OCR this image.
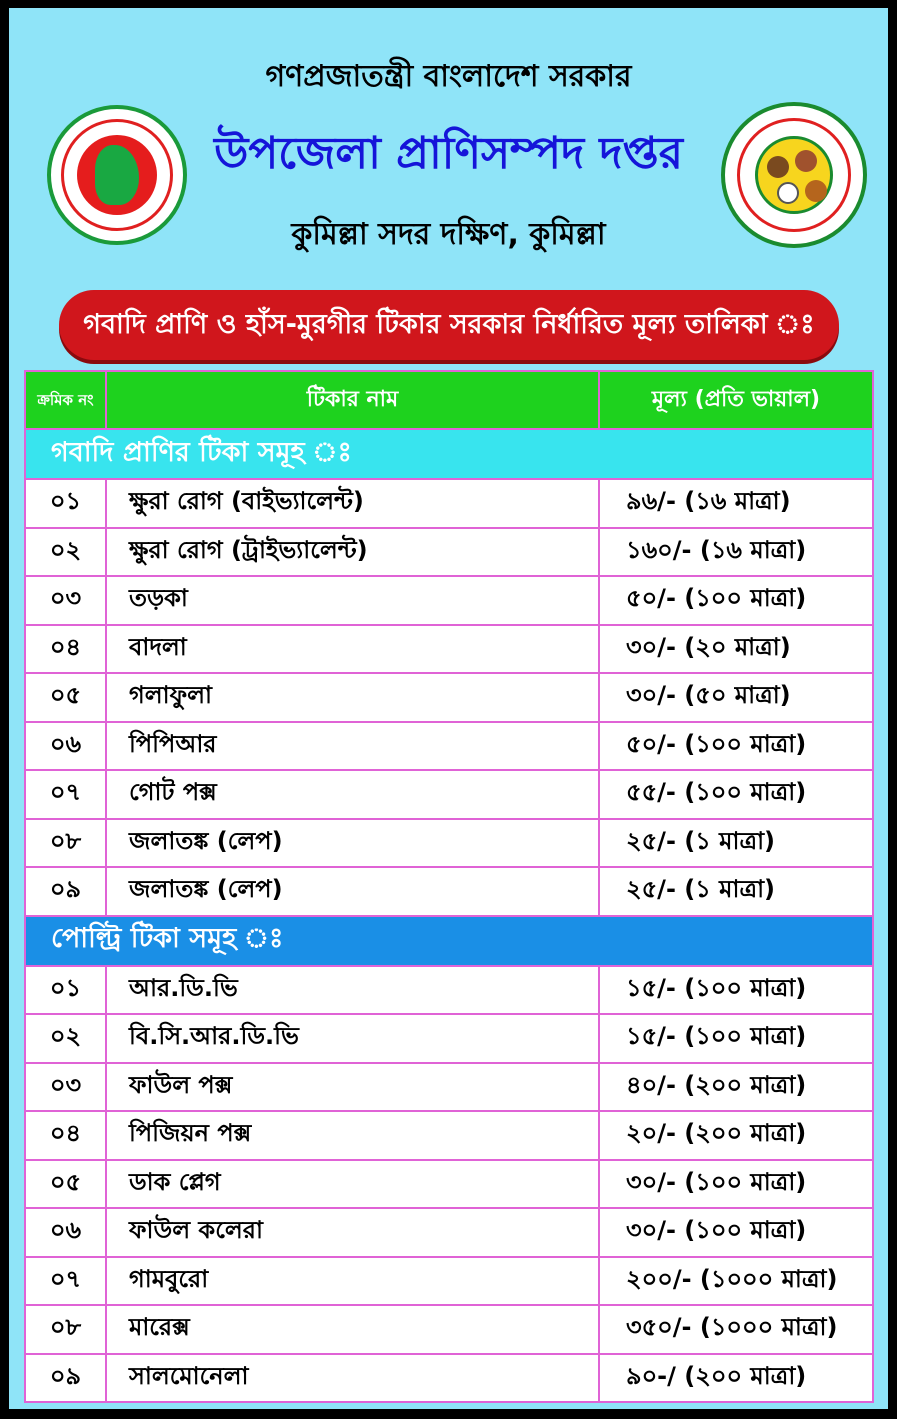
গণপ্রজাতন্ত্রী বাংলাদেশ সরকার
উপজেলা প্রাণিসম্পদ দপ্তর
কুমিল্লা সদর দক্ষিণ, কুমিল্লা
গবাদি প্রাণি ও হাঁস-মুরগীর টিকার সরকার নির্ধারিত মূল্য তালিকা ঃ
ক্রমিক নং	টিকার নাম	মূল্য (প্রতি ভায়াল)
গবাদি প্রাণির টিকা সমূহ ঃ		
০১	ক্ষুরা রোগ (বাইভ্যালেন্ট)	৯৬/- (১৬ মাত্রা)
০২	ক্ষুরা রোগ (ট্রাইভ্যালেন্ট)	১৬০/- (১৬ মাত্রা)
০৩	তড়কা	৫০/- (১০০ মাত্রা)
০৪	বাদলা	৩০/- (২০ মাত্রা)
০৫	গলাফুলা	৩০/- (৫০ মাত্রা)
০৬	পিপিআর	৫০/- (১০০ মাত্রা)
০৭	গোট পক্স	৫৫/- (১০০ মাত্রা)
০৮	জলাতঙ্ক (লেপ)	২৫/- (১ মাত্রা)
০৯	জলাতঙ্ক (লেপ)	২৫/- (১ মাত্রা)
পোল্ট্রি টিকা সমূহ ঃ		
০১	আর.ডি.ভি	১৫/- (১০০ মাত্রা)
০২	বি.সি.আর.ডি.ভি	১৫/- (১০০ মাত্রা)
০৩	ফাউল পক্স	৪০/- (২০০ মাত্রা)
০৪	পিজিয়ন পক্স	২০/- (২০০ মাত্রা)
০৫	ডাক প্লেগ	৩০/- (১০০ মাত্রা)
০৬	ফাউল কলেরা	৩০/- (১০০ মাত্রা)
০৭	গামবুরো	২০০/- (১০০০ মাত্রা)
০৮	মারেক্স	৩৫০/- (১০০০ মাত্রা)
০৯	সালমোনেলা	৯০-/ (২০০ মাত্রা)
